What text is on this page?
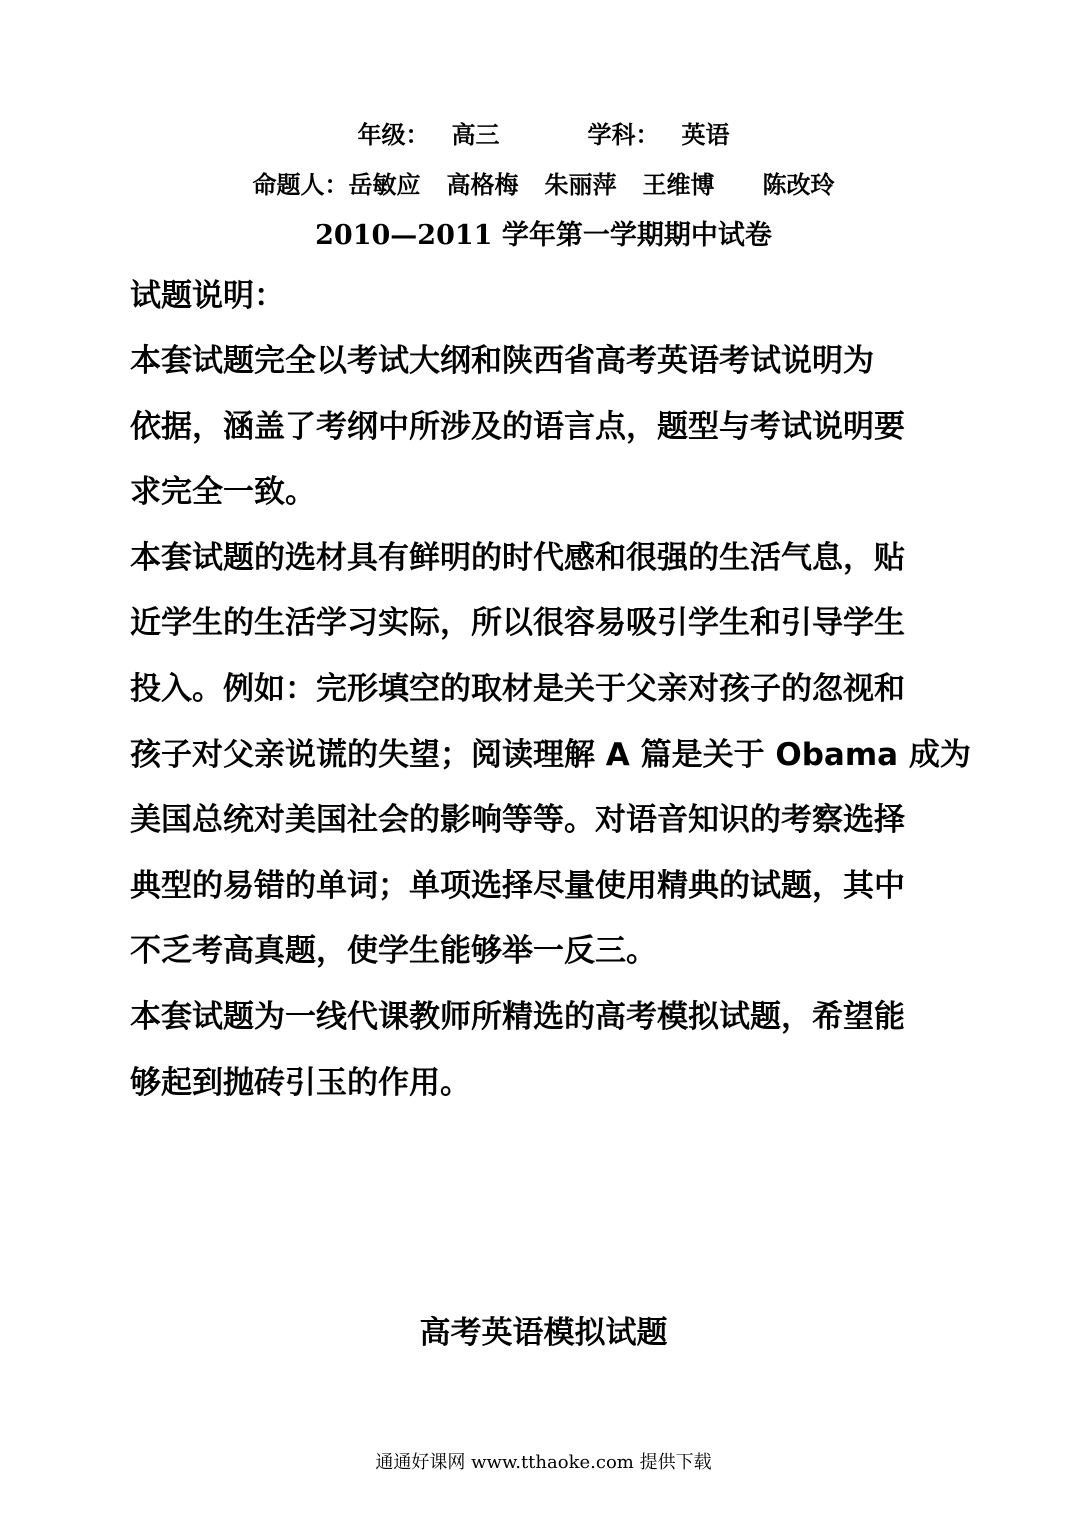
年级： 高三	学科： 英语
命题人：岳敏应 高格梅 朱丽萍 王维博 陈改玲
2010—2011 学年第一学期期中试卷
试题说明：
本套试题完全以考试大纲和陕西省高考英语考试说明为
依据，涵盖了考纲中所涉及的语言点，题型与考试说明要
求完全一致。
本套试题的选材具有鲜明的时代感和很强的生活气息，贴
近学生的生活学习实际，所以很容易吸引学生和引导学生
投入。例如：完形填空的取材是关于父亲对孩子的忽视和
孩子对父亲说谎的失望；阅读理解 A 篇是关于 Obama 成为
美国总统对美国社会的影响等等。对语音知识的考察选择
典型的易错的单词；单项选择尽量使用精典的试题，其中
不乏考高真题，使学生能够举一反三。
本套试题为一线代课教师所精选的高考模拟试题，希望能
够起到抛砖引玉的作用。
高考英语模拟试题
通通好课网 www.tthaoke.com 提供下载
